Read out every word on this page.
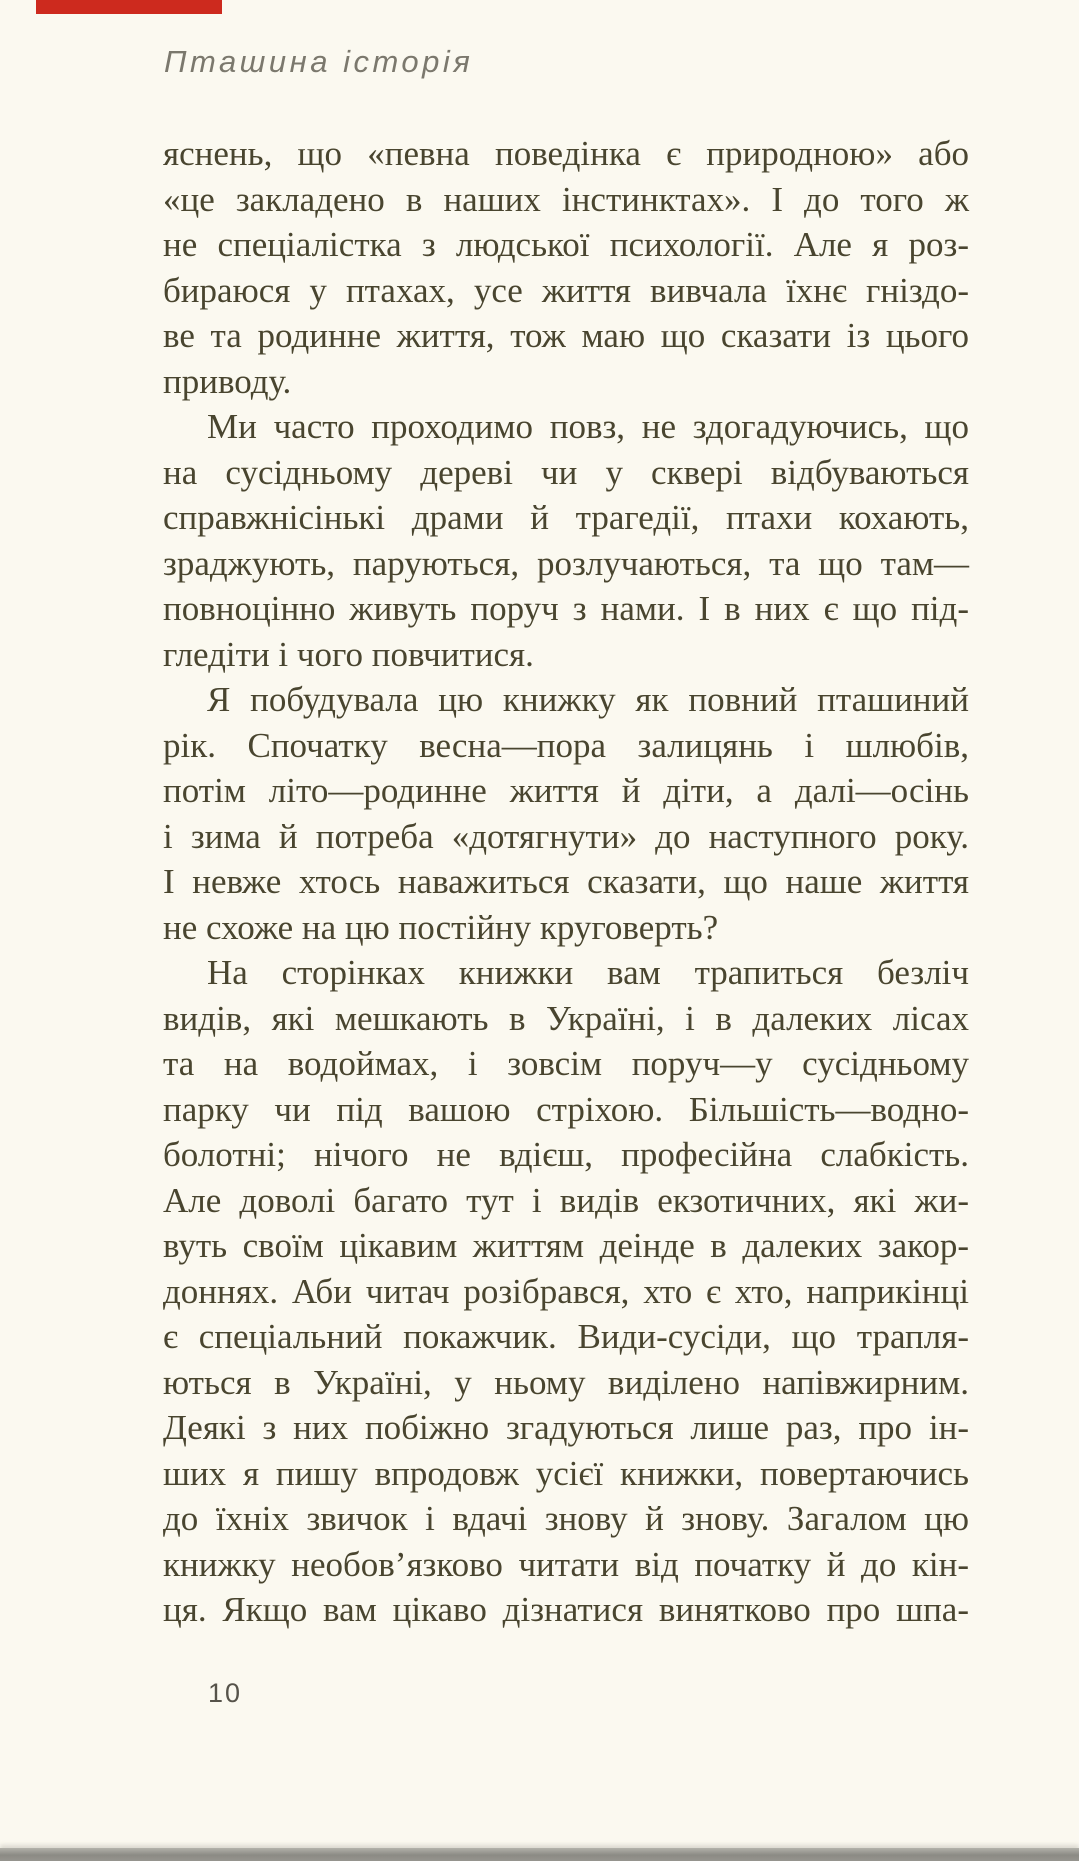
Пташина історія
яснень, що «певна поведінка є природною» або
«це закладено в наших інстинктах». І до того ж
не спеціалістка з людської психології. Але я роз-
бираюся у птахах, усе життя вивчала їхнє гніздо-
ве та родинне життя, тож маю що сказати із цього
приводу.
Ми часто проходимо повз, не здогадуючись, що
на сусідньому дереві чи у сквері відбуваються
справжнісінькі драми й трагедії, птахи кохають,
зраджують, паруються, розлучаються, та що там—
повноцінно живуть поруч з нами. І в них є що під-
гледіти і чого повчитися.
Я побудувала цю книжку як повний пташиний
рік. Спочатку весна—пора залицянь і шлюбів,
потім літо—родинне життя й діти, а далі—осінь
і зима й потреба «дотягнути» до наступного року.
І невже хтось наважиться сказати, що наше життя
не схоже на цю постійну круговерть?
На сторінках книжки вам трапиться безліч
видів, які мешкають в Україні, і в далеких лісах
та на водоймах, і зовсім поруч—у сусідньому
парку чи під вашою стріхою. Більшість—водно-
болотні; нічого не вдієш, професійна слабкість.
Але доволі багато тут і видів екзотичних, які жи-
вуть своїм цікавим життям деінде в далеких закор-
доннях. Аби читач розібрався, хто є хто, наприкінці
є спеціальний покажчик. Види-сусіди, що трапля-
ються в Україні, у ньому виділено напівжирним.
Деякі з них побіжно згадуються лише раз, про ін-
ших я пишу впродовж усієї книжки, повертаючись
до їхніх звичок і вдачі знову й знову. Загалом цю
книжку необов’язково читати від початку й до кін-
ця. Якщо вам цікаво дізнатися винятково про шпа-
10
